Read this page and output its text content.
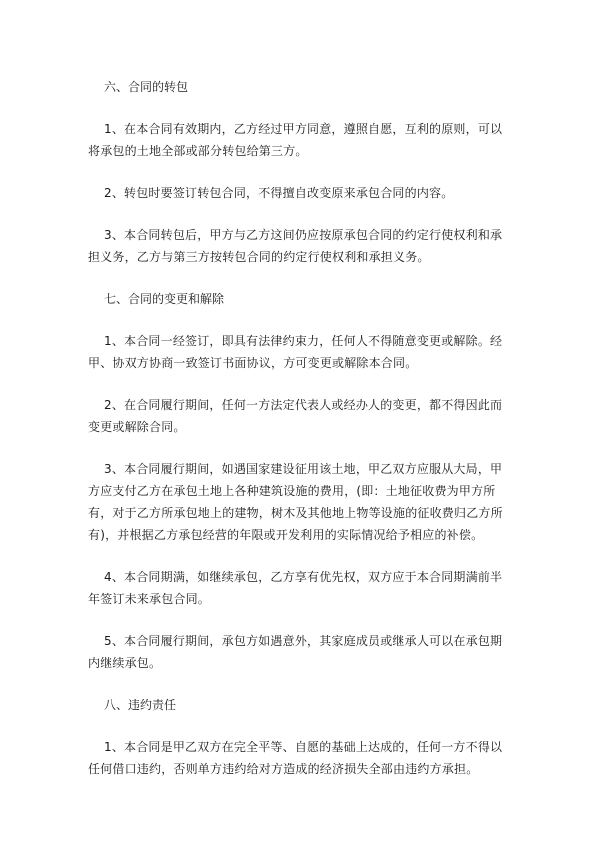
六、合同的转包

1、在本合同有效期内，乙方经过甲方同意，遵照自愿，互利的原则，可以将承包的土地全部或部分转包给第三方。

2、转包时要签订转包合同，不得擅自改变原来承包合同的内容。

3、本合同转包后，甲方与乙方这间仍应按原承包合同的约定行使权利和承担义务，乙方与第三方按转包合同的约定行使权利和承担义务。

七、合同的变更和解除

1、本合同一经签订，即具有法律约束力，任何人不得随意变更或解除。经甲、协双方协商一致签订书面协议，方可变更或解除本合同。

2、在合同履行期间，任何一方法定代表人或经办人的变更，都不得因此而变更或解除合同。

3、本合同履行期间，如遇国家建设征用该土地，甲乙双方应服从大局，甲方应支付乙方在承包土地上各种建筑设施的费用，(即：土地征收费为甲方所有，对于乙方所承包地上的建物，树木及其他地上物等设施的征收费归乙方所有)，并根据乙方承包经营的年限或开发利用的实际情况给予相应的补偿。

4、本合同期满，如继续承包，乙方享有优先权，双方应于本合同期满前半年签订未来承包合同。

5、本合同履行期间，承包方如遇意外，其家庭成员或继承人可以在承包期内继续承包。

八、违约责任

1、本合同是甲乙双方在完全平等、自愿的基础上达成的，任何一方不得以任何借口违约，否则单方违约给对方造成的经济损失全部由违约方承担。
